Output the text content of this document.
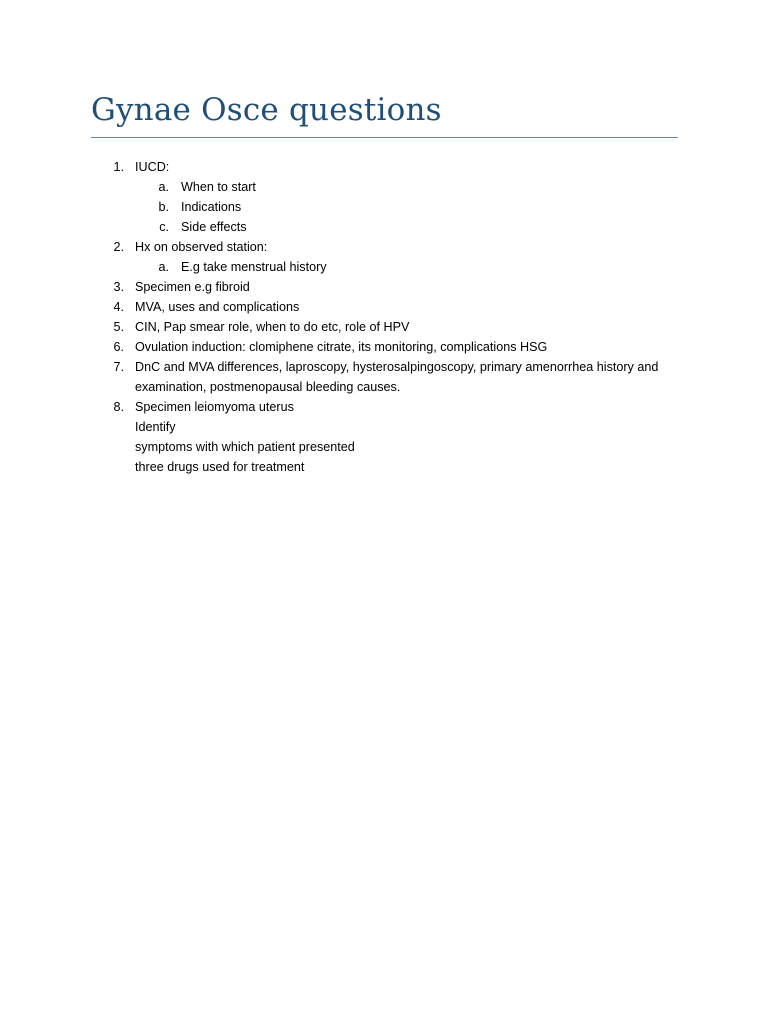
Gynae Osce questions
1. IUCD:
a. When to start
b. Indications
c. Side effects
2. Hx on observed station:
a. E.g take menstrual history
3. Specimen e.g fibroid
4. MVA, uses and complications
5. CIN, Pap smear role, when to do etc, role of HPV
6. Ovulation induction: clomiphene citrate, its monitoring, complications HSG
7. DnC and MVA differences, laproscopy, hysterosalpingoscopy, primary amenorrhea history and
examination, postmenopausal bleeding causes.
8. Specimen leiomyoma uterus
Identify
symptoms with which patient presented
three drugs used for treatment
